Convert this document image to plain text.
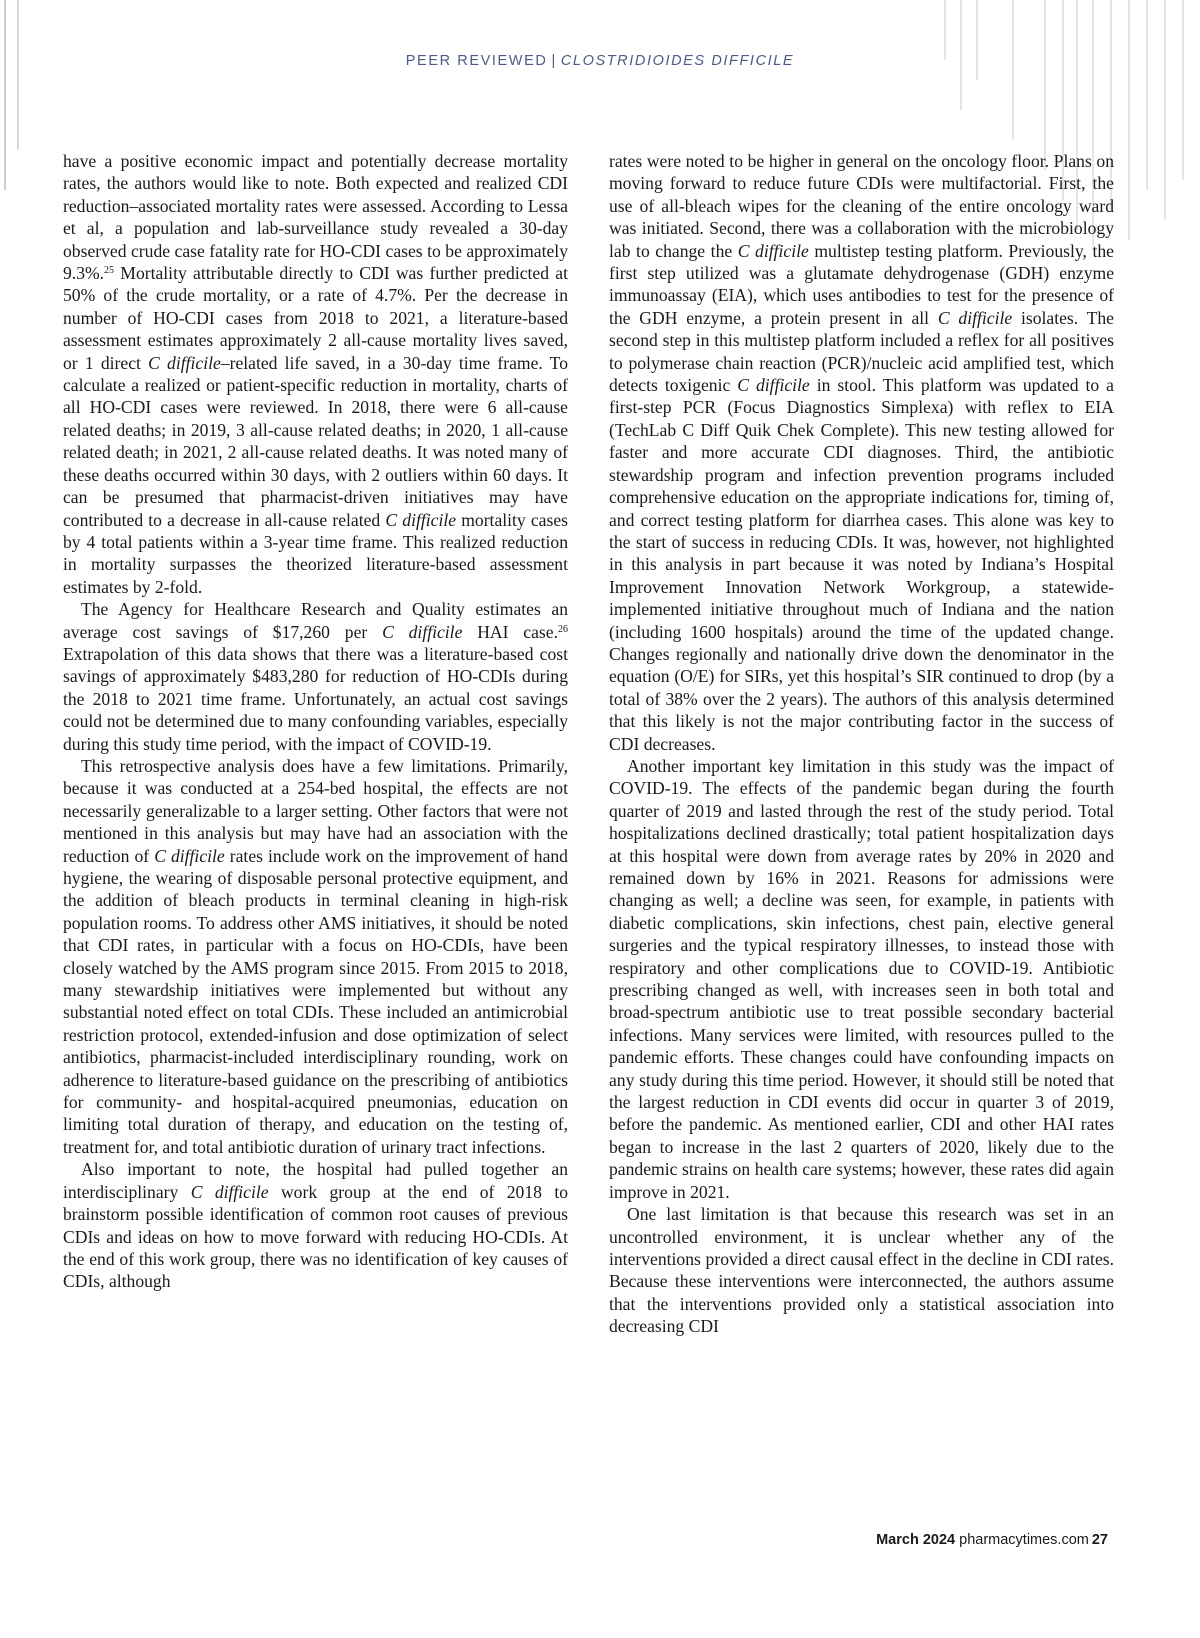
PEER REVIEWED | CLOSTRIDIOIDES DIFFICILE

have a positive economic impact and potentially decrease mortality rates, the authors would like to note. Both expected and realized CDI reduction–associated mortality rates were assessed. According to Lessa et al, a population and lab-surveillance study revealed a 30-day observed crude case fatality rate for HO-CDI cases to be approximately 9.3%.$^{25}$ Mortality attributable directly to CDI was further predicted at 50% of the crude mortality, or a rate of 4.7%. Per the decrease in number of HO-CDI cases from 2018 to 2021, a literature-based assessment estimates approximately 2 all-cause mortality lives saved, or 1 direct C difficile–related life saved, in a 30-day time frame. To calculate a realized or patient-specific reduction in mortality, charts of all HO-CDI cases were reviewed. In 2018, there were 6 all-cause related deaths; in 2019, 3 all-cause related deaths; in 2020, 1 all-cause related death; in 2021, 2 all-cause related deaths. It was noted many of these deaths occurred within 30 days, with 2 outliers within 60 days. It can be presumed that pharmacist-driven initiatives may have contributed to a decrease in all-cause related C difficile mortality cases by 4 total patients within a 3-year time frame. This realized reduction in mortality surpasses the theorized literature-based assessment estimates by 2-fold.

The Agency for Healthcare Research and Quality estimates an average cost savings of $17,260 per C difficile HAI case.$^{26}$ Extrapolation of this data shows that there was a literature-based cost savings of approximately $483,280 for reduction of HO-CDIs during the 2018 to 2021 time frame. Unfortunately, an actual cost savings could not be determined due to many confounding variables, especially during this study time period, with the impact of COVID-19.

This retrospective analysis does have a few limitations. Primarily, because it was conducted at a 254-bed hospital, the effects are not necessarily generalizable to a larger setting. Other factors that were not mentioned in this analysis but may have had an association with the reduction of C difficile rates include work on the improvement of hand hygiene, the wearing of disposable personal protective equipment, and the addition of bleach products in terminal cleaning in high-risk population rooms. To address other AMS initiatives, it should be noted that CDI rates, in particular with a focus on HO-CDIs, have been closely watched by the AMS program since 2015. From 2015 to 2018, many stewardship initiatives were implemented but without any substantial noted effect on total CDIs. These included an antimicrobial restriction protocol, extended-infusion and dose optimization of select antibiotics, pharmacist-included interdisciplinary rounding, work on adherence to literature-based guidance on the prescribing of antibiotics for community- and hospital-acquired pneumonias, education on limiting total duration of therapy, and education on the testing of, treatment for, and total antibiotic duration of urinary tract infections.

Also important to note, the hospital had pulled together an interdisciplinary C difficile work group at the end of 2018 to brainstorm possible identification of common root causes of previous CDIs and ideas on how to move forward with reducing HO-CDIs. At the end of this work group, there was no identification of key causes of CDIs, although

rates were noted to be higher in general on the oncology floor. Plans on moving forward to reduce future CDIs were multifactorial. First, the use of all-bleach wipes for the cleaning of the entire oncology ward was initiated. Second, there was a collaboration with the microbiology lab to change the C difficile multistep testing platform. Previously, the first step utilized was a glutamate dehydrogenase (GDH) enzyme immunoassay (EIA), which uses antibodies to test for the presence of the GDH enzyme, a protein present in all C difficile isolates. The second step in this multistep platform included a reflex for all positives to polymerase chain reaction (PCR)/nucleic acid amplified test, which detects toxigenic C difficile in stool. This platform was updated to a first-step PCR (Focus Diagnostics Simplexa) with reflex to EIA (TechLab C Diff Quik Chek Complete). This new testing allowed for faster and more accurate CDI diagnoses. Third, the antibiotic stewardship program and infection prevention programs included comprehensive education on the appropriate indications for, timing of, and correct testing platform for diarrhea cases. This alone was key to the start of success in reducing CDIs. It was, however, not highlighted in this analysis in part because it was noted by Indiana’s Hospital Improvement Innovation Network Workgroup, a statewide-implemented initiative throughout much of Indiana and the nation (including 1600 hospitals) around the time of the updated change. Changes regionally and nationally drive down the denominator in the equation (O/E) for SIRs, yet this hospital’s SIR continued to drop (by a total of 38% over the 2 years). The authors of this analysis determined that this likely is not the major contributing factor in the success of CDI decreases.

Another important key limitation in this study was the impact of COVID-19. The effects of the pandemic began during the fourth quarter of 2019 and lasted through the rest of the study period. Total hospitalizations declined drastically; total patient hospitalization days at this hospital were down from average rates by 20% in 2020 and remained down by 16% in 2021. Reasons for admissions were changing as well; a decline was seen, for example, in patients with diabetic complications, skin infections, chest pain, elective general surgeries and the typical respiratory illnesses, to instead those with respiratory and other complications due to COVID-19. Antibiotic prescribing changed as well, with increases seen in both total and broad-spectrum antibiotic use to treat possible secondary bacterial infections. Many services were limited, with resources pulled to the pandemic efforts. These changes could have confounding impacts on any study during this time period. However, it should still be noted that the largest reduction in CDI events did occur in quarter 3 of 2019, before the pandemic. As mentioned earlier, CDI and other HAI rates began to increase in the last 2 quarters of 2020, likely due to the pandemic strains on health care systems; however, these rates did again improve in 2021.

One last limitation is that because this research was set in an uncontrolled environment, it is unclear whether any of the interventions provided a direct causal effect in the decline in CDI rates. Because these interventions were interconnected, the authors assume that the interventions provided only a statistical association into decreasing CDI

March 2024 pharmacytimes.com 27
